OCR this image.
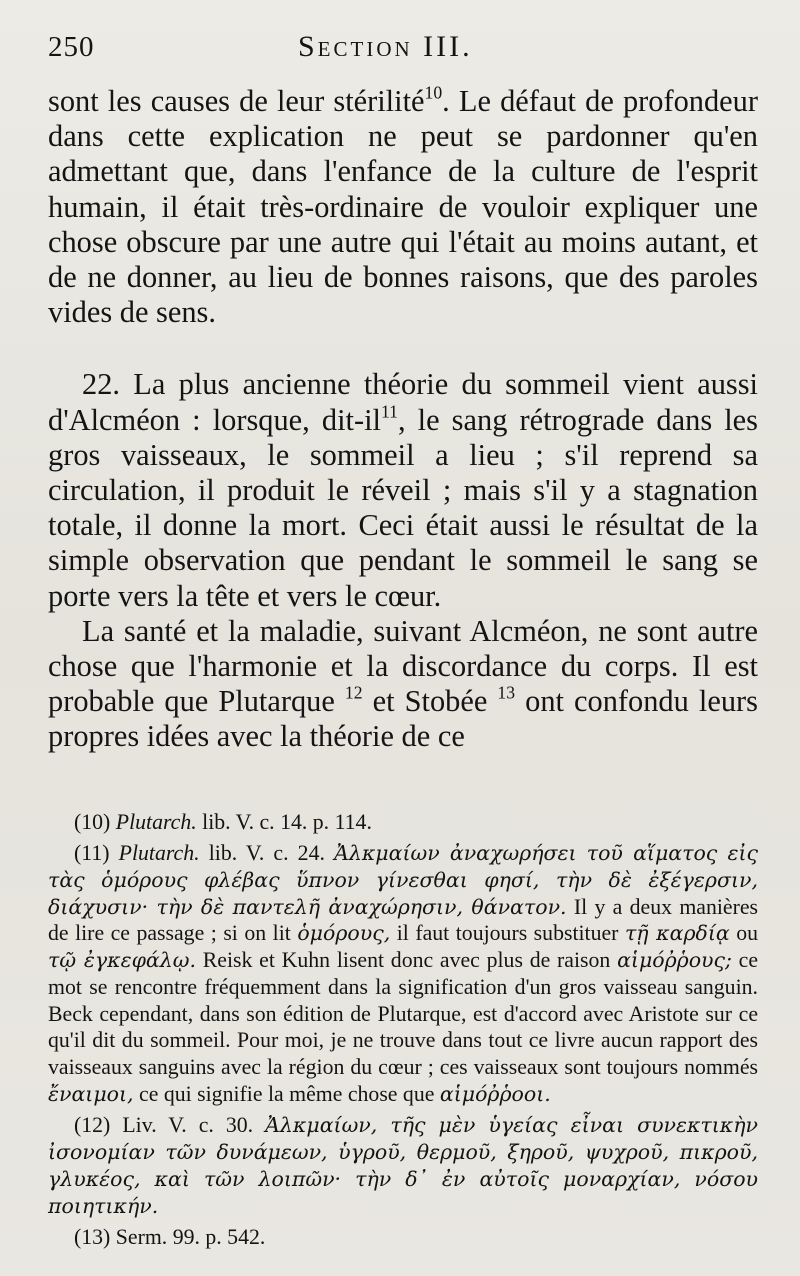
250	Section III.

sont les causes de leur stérilité$^{10}$. Le défaut de profondeur dans cette explication ne peut se pardonner qu'en admettant que, dans l'enfance de la culture de l'esprit humain, il était très-ordinaire de vouloir expliquer une chose obscure par une autre qui l'était au moins autant, et de ne donner, au lieu de bonnes raisons, que des paroles vides de sens.

22. La plus ancienne théorie du sommeil vient aussi d'Alcméon : lorsque, dit-$il^{11}$, le sang rétrograde dans les gros vaisseaux, le sommeil a lieu ; s'il reprend sa circulation, il produit le réveil ; mais s'il y a stagnation totale, il donne la mort. Ceci était aussi le résultat de la simple observation que pendant le sommeil le sang se porte vers la tête et vers le cœur.

La santé et la maladie, suivant Alcméon, ne sont autre chose que l'harmonie et la discordance du corps. Il est probable que Plutarque $^{12}$ et Stobée $^{13}$ ont confondu leurs propres idées avec la théorie de ce

(10) Plutarch. lib. V. c. 14. p. 114.

(11) Plutarch. lib. V. c. 24. Ἀλκμαίων ἀναχωρήσει τοῦ αἵματος εἰς τὰς ὁμόρους φλέβας ὕπνον γίνεσθαι φησί, τὴν δὲ ἐξέγερσιν, διάχυσιν· τὴν δὲ παντελῆ ἀναχώρησιν, θάνατον. Il y a deux manières de lire ce passage ; si on lit ὁμόρους, il faut toujours substituer τῇ καρδίᾳ ou τῷ ἐγκεφάλῳ. Reisk et Kuhn lisent donc avec plus de raison αἱμόῤῥους; ce mot se rencontre fréquemment dans la signification d'un gros vaisseau sanguin. Beck cependant, dans son édition de Plutarque, est d'accord avec Aristote sur ce qu'il dit du sommeil. Pour moi, je ne trouve dans tout ce livre aucun rapport des vaisseaux sanguins avec la région du cœur ; ces vaisseaux sont toujours nommés ἔναιμοι, ce qui signifie la même chose que αἱμόῤῥοοι.

(12) Liv. V. c. 30. Ἀλκμαίων, τῆς μὲν ὑγείας εἶναι συνεκτικὴν ἰσονομίαν τῶν δυνάμεων, ὑγροῦ, θερμοῦ, ξηροῦ, ψυχροῦ, πικροῦ, γλυκέος, καὶ τῶν λοιπῶν· τὴν δ᾽ ἐν αὐτοῖς μοναρχίαν, νόσου ποιητικήν.

(13) Serm. 99. p. 542.
